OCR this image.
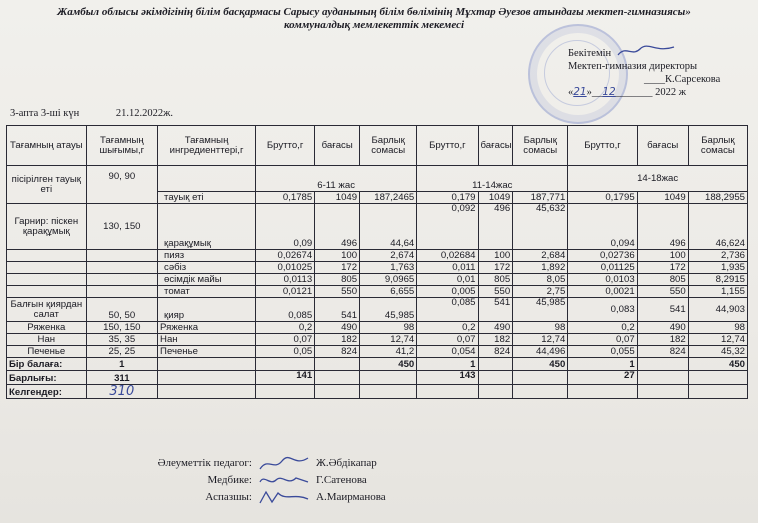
Жамбыл облысы әкімдігінің білім басқармасы Сарысу ауданының білім бөлімінің Мұхтар Әуезов атындағы мектеп-гимназиясы»
коммуналдық мемлекеттік мекемесі
Бекітемін
Мектеп-гимназия директоры
____К.Сарсекова
«21»__12_______ 2022 ж
3-апта 3-ші күн	21.12.2022ж.
Тағамның атауы	Тағамның шығымы,г	Тағамның ингредиенттері,г	Брутто,г	бағасы	Барлық сомасы	Брутто,г	бағасы	Барлық сомасы	Брутто,г	бағасы	Барлық сомасы
пісірілген тауық еті	90, 90		6-11 жас			11-14жас			14-18жас		
		тауық еті	0,1785	1049	187,2465	0,179	1049	187,771	0,1795	1049	188,2955
Гарнир: піскен қарақұмық	130, 150	қарақұмық	0,09	496	44,64	0,092	496	45,632	0,094	496	46,624
		пияз	0,02674	100	2,674	0,02684	100	2,684	0,02736	100	2,736
		сәбіз	0,01025	172	1,763	0,011	172	1,892	0,01125	172	1,935
		өсімдік майы	0,0113	805	9,0965	0,01	805	8,05	0,0103	805	8,2915
		томат	0,0121	550	6,655	0,005	550	2,75	0,0021	550	1,155
Балғын қиярдан салат	50, 50	қияр	0,085	541	45,985	0,085	541	45,985	0,083	541	44,903
Ряженка	150, 150	Ряженка	0,2	490	98	0,2	490	98	0,2	490	98
Нан	35, 35	Нан	0,07	182	12,74	0,07	182	12,74	0,07	182	12,74
Печенье	25, 25	Печенье	0,05	824	41,2	0,054	824	44,496	0,055	824	45,32
Бір балаға:	1				450	1		450	1		450
Барлығы:	311		141			143			27		
Келгендер:	310										
Әлеуметтік педагог:	Ж.Әбдікапар
Медбике:	Г.Сатенова
Аспазшы:	А.Маирманова
